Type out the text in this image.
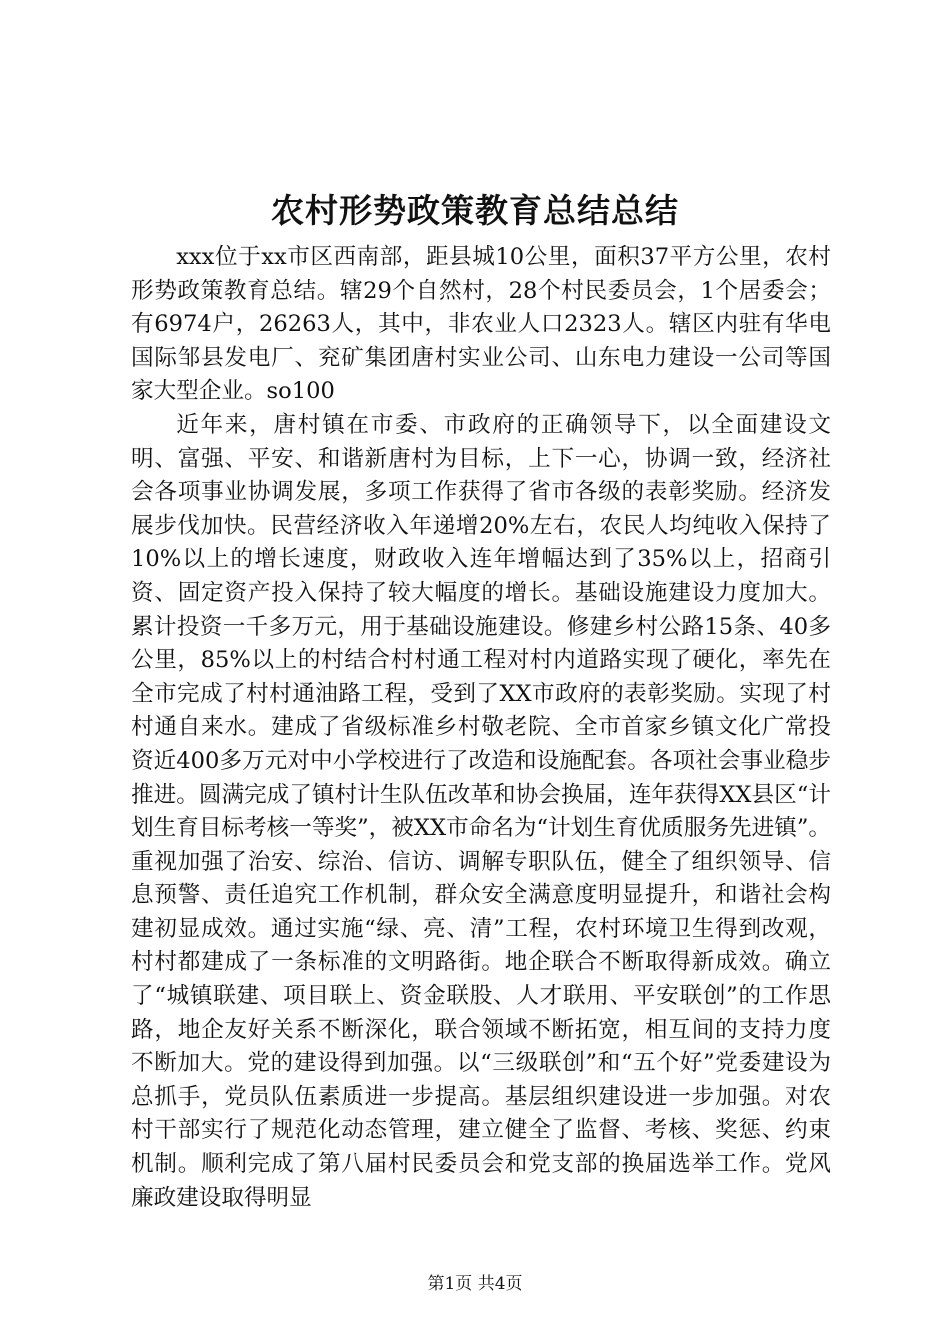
农村形势政策教育总结总结

xxx位于xx市区西南部，距县城10公里，面积37平方公里，农村形势政策教育总结。辖29个自然村，28个村民委员会，1个居委会；有6974户，26263人，其中，非农业人口2323人。辖区内驻有华电国际邹县发电厂、兖矿集团唐村实业公司、山东电力建设一公司等国家大型企业。so100

近年来，唐村镇在市委、市政府的正确领导下，以全面建设文明、富强、平安、和谐新唐村为目标，上下一心，协调一致，经济社会各项事业协调发展，多项工作获得了省市各级的表彰奖励。经济发展步伐加快。民营经济收入年递增20%左右，农民人均纯收入保持了10%以上的增长速度，财政收入连年增幅达到了35%以上，招商引资、固定资产投入保持了较大幅度的增长。基础设施建设力度加大。累计投资一千多万元，用于基础设施建设。修建乡村公路15条、40多公里，85%以上的村结合村村通工程对村内道路实现了硬化，率先在全市完成了村村通油路工程，受到了XX市政府的表彰奖励。实现了村村通自来水。建成了省级标准乡村敬老院、全市首家乡镇文化广常投资近400多万元对中小学校进行了改造和设施配套。各项社会事业稳步推进。圆满完成了镇村计生队伍改革和协会换届，连年获得XX县区“计划生育目标考核一等奖”，被XX市命名为“计划生育优质服务先进镇”。重视加强了治安、综治、信访、调解专职队伍，健全了组织领导、信息预警、责任追究工作机制，群众安全满意度明显提升，和谐社会构建初显成效。通过实施“绿、亮、清”工程，农村环境卫生得到改观，村村都建成了一条标准的文明路街。地企联合不断取得新成效。确立了“城镇联建、项目联上、资金联股、人才联用、平安联创”的工作思路，地企友好关系不断深化，联合领域不断拓宽，相互间的支持力度不断加大。党的建设得到加强。以“三级联创”和“五个好”党委建设为总抓手，党员队伍素质进一步提高。基层组织建设进一步加强。对农村干部实行了规范化动态管理，建立健全了监督、考核、奖惩、约束机制。顺利完成了第八届村民委员会和党支部的换届选举工作。党风廉政建设取得明显

第1页 共4页
